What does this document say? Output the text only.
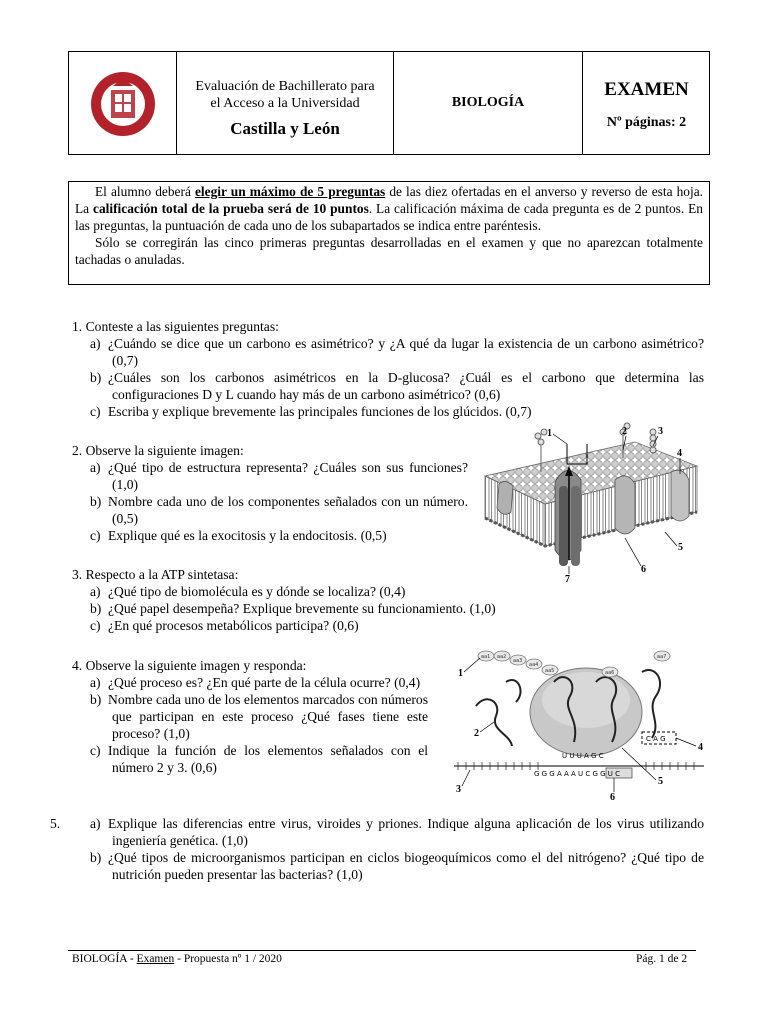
Evaluación de Bachillerato para
el Acceso a la Universidad
Castilla y León
BIOLOGÍA
EXAMEN
Nº páginas: 2

El alumno deberá elegir un máximo de 5 preguntas de las diez ofertadas en el anverso y reverso de esta hoja. La calificación total de la prueba será de 10 puntos. La calificación máxima de cada pregunta es de 2 puntos. En las preguntas, la puntuación de cada uno de los subapartados se indica entre paréntesis.

Sólo se corregirán las cinco primeras preguntas desarrolladas en el examen y que no aparezcan totalmente tachadas o anuladas.

1. Conteste a las siguientes preguntas:
a) ¿Cuándo se dice que un carbono es asimétrico? y ¿A qué da lugar la existencia de un carbono asimétrico? (0,7)
b) ¿Cuáles son los carbonos asimétricos en la D-glucosa? ¿Cuál es el carbono que determina las configuraciones D y L cuando hay más de un carbono asimétrico? (0,6)
c) Escriba y explique brevemente las principales funciones de los glúcidos. (0,7)
2. Observe la siguiente imagen:
a) ¿Qué tipo de estructura representa? ¿Cuáles son sus funciones? (1,0)
b) Nombre cada uno de los componentes señalados con un número. (0,5)
c) Explique qué es la exocitosis y la endocitosis. (0,5)
1	2	3
4
5
6
7
3. Respecto a la ATP sintetasa:
a) ¿Qué tipo de biomolécula es y dónde se localiza? (0,4)
b) ¿Qué papel desempeña? Explique brevemente su funcionamiento. (1,0)
c) ¿En qué procesos metabólicos participa? (0,6)
4. Observe la siguiente imagen y responda:
a) ¿Qué proceso es? ¿En qué parte de la célula ocurre? (0,4)
b) Nombre cada uno de los elementos marcados con números que participan en este proceso ¿Qué fases tiene este proceso? (1,0)
c) Indique la función de los elementos señalados con el número 2 y 3. (0,6)
aa1 aa2
aa3
aa4
aa5	aa6
aa7
U U U A G C
G G G A A A U C G G U C
C A G
1
2
3
4
5
6
5.	a) Explique las diferencias entre virus, viroides y priones. Indique alguna aplicación de los virus utilizando ingeniería genética. (1,0)
b) ¿Qué tipos de microorganismos participan en ciclos biogeoquímicos como el del nitrógeno? ¿Qué tipo de nutrición pueden presentar las bacterias? (1,0)
BIOLOGÍA - Examen - Propuesta nº 1 / 2020	Pág. 1 de 2
